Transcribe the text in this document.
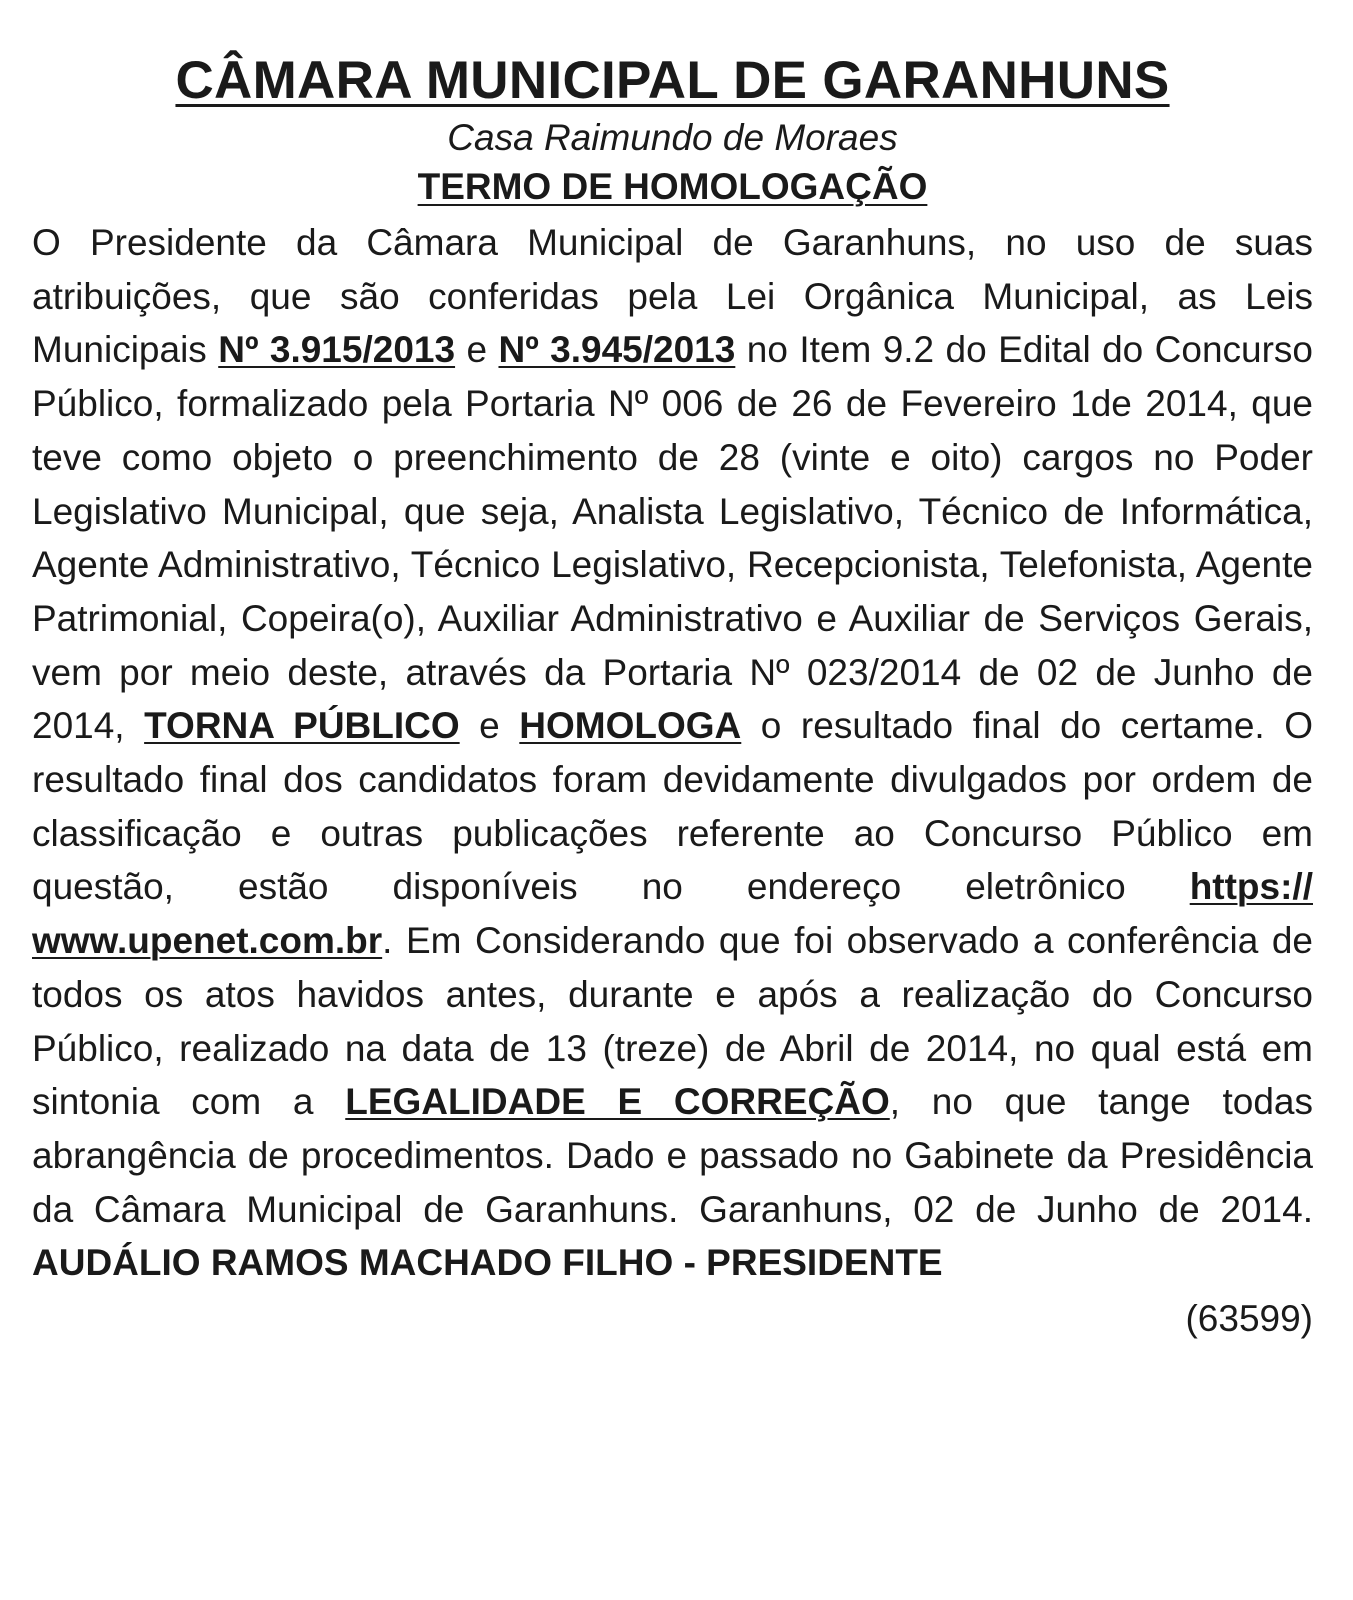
CÂMARA MUNICIPAL DE GARANHUNS

Casa Raimundo de Moraes

TERMO DE HOMOLOGAÇÃO

O Presidente da Câmara Municipal de Garanhuns, no uso de suas atribuições, que são conferidas pela Lei Orgânica Municipal, as Leis Municipais Nº 3.915/2013 e Nº 3.945/2013 no Item 9.2 do Edital do Concurso Público, formalizado pela Portaria Nº 006 de 26 de Fevereiro 1de 2014, que teve como objeto o preenchimento de 28 (vinte e oito) cargos no Poder Legislativo Municipal, que seja, Analista Legislativo, Técnico de Informática, Agente Administrativo, Técnico Legislativo, Recepcionista, Telefonista, Agente Patrimonial, Copeira(o), Auxiliar Administrativo e Auxiliar de Serviços Gerais, vem por meio deste, através da Portaria Nº 023/2014 de 02 de Junho de 2014, TORNA PÚBLICO e HOMOLOGA o resultado final do certame. O resultado final dos candidatos foram devidamente divulgados por ordem de classificação e outras publicações referente ao Concurso Público em questão, estão disponíveis no endereço eletrônico https:// www.upenet.com.br. Em Considerando que foi observado a conferência de todos os atos havidos antes, durante e após a realização do Concurso Público, realizado na data de 13 (treze) de Abril de 2014, no qual está em sintonia com a LEGALIDADE E CORREÇÃO, no que tange todas abrangência de procedimentos. Dado e passado no Gabinete da Presidência da Câmara Municipal de Garanhuns. Garanhuns, 02 de Junho de 2014. AUDÁLIO RAMOS MACHADO FILHO - PRESIDENTE

(63599)
